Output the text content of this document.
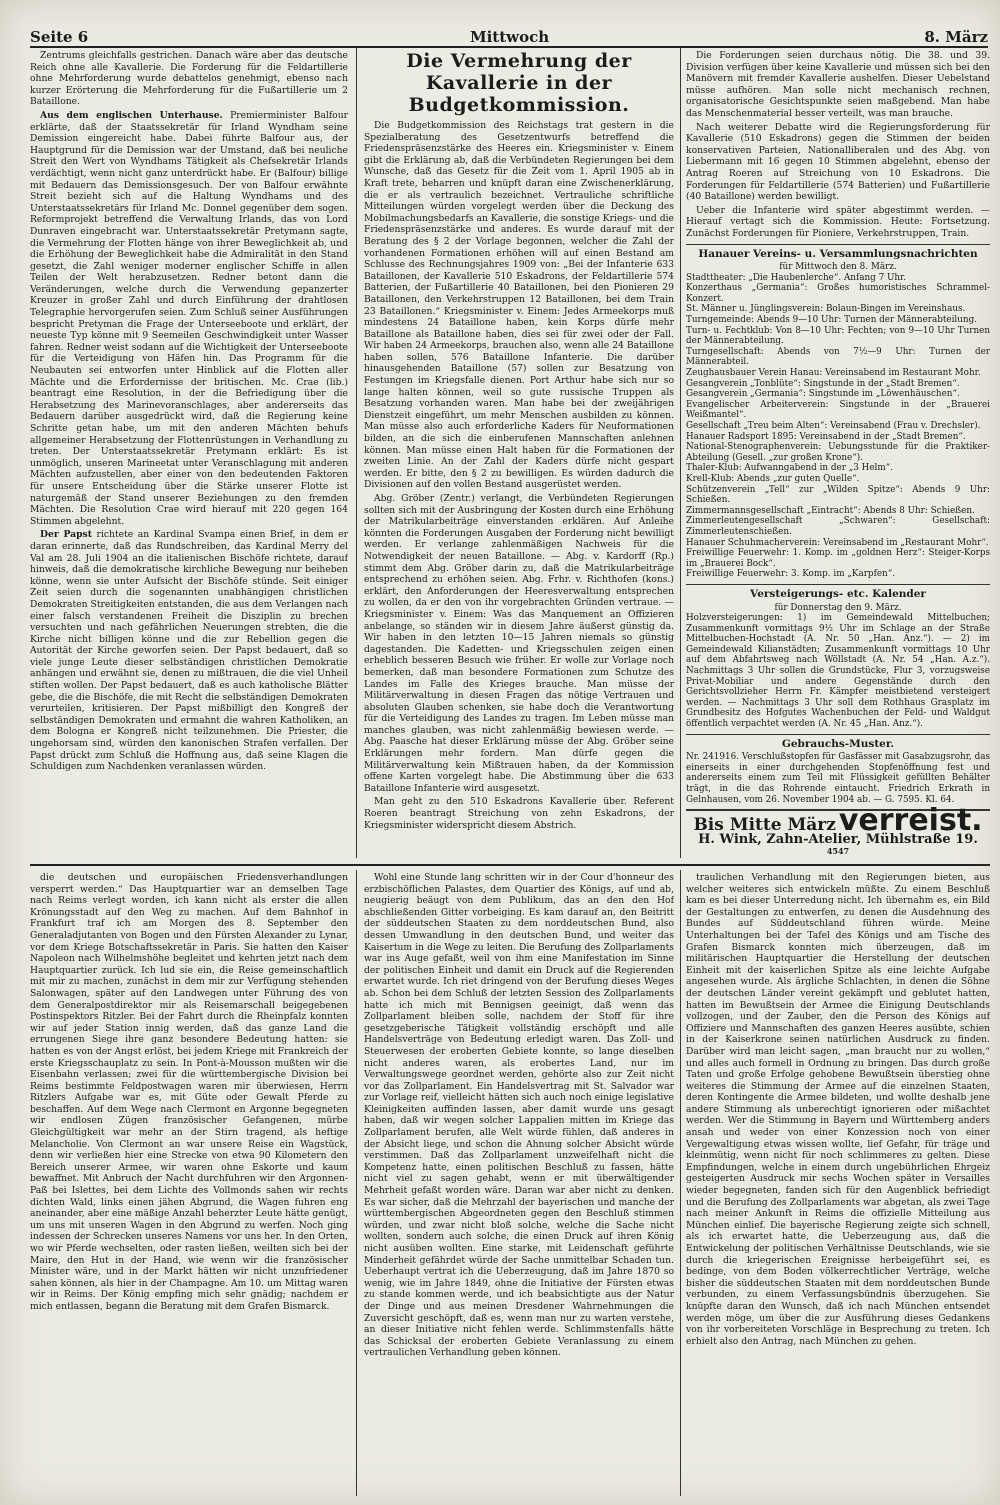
Seite 6	Mittwoch	8. März

Zentrums gleichfalls gestrichen. Danach wäre aber das deutsche Reich ohne alle Kavallerie. Die Forderung für die Feldartillerie ohne Mehrforderung wurde debattelos genehmigt, ebenso nach kurzer Erörterung die Mehrforderung für die Fußartillerie um 2 Bataillone.

Aus dem englischen Unterhause. Premierminister Balfour erklärte, daß der Staatssekretär für Irland Wyndham seine Demission eingereicht habe. Dabei führte Balfour aus, der Hauptgrund für die Demission war der Umstand, daß bei neuliche Streit den Wert von Wyndhams Tätigkeit als Chefsekretär Irlands verdächtigt, wenn nicht ganz unterdrückt habe. Er (Balfour) billige mit Bedauern das Demissionsgesuch. Der von Balfour erwähnte Streit bezieht sich auf die Haltung Wyndhams und des Unterstaatssekretärs für Irland Mc. Donnel gegenüber dem sogen. Reformprojekt betreffend die Verwaltung Irlands, das von Lord Dunraven eingebracht war. Unterstaatssekretär Pretymann sagte, die Vermehrung der Flotten hänge von ihrer Beweglichkeit ab, und die Erhöhung der Beweglichkeit habe die Admiralität in den Stand gesetzt, die Zahl weniger moderner englischer Schiffe in allen Teilen der Welt herabzusetzen. Redner betont dann die Veränderungen, welche durch die Verwendung gepanzerter Kreuzer in großer Zahl und durch Einführung der drahtlosen Telegraphie hervorgerufen seien. Zum Schluß seiner Ausführungen bespricht Pretyman die Frage der Unterseeboote und erklärt, der neueste Typ könne mit 9 Seemeilen Geschwindigkeit unter Wasser fahren. Redner weist sodann auf die Wichtigkeit der Unterseeboote für die Verteidigung von Häfen hin. Das Programm für die Neubauten sei entworfen unter Hinblick auf die Flotten aller Mächte und die Erfordernisse der britischen. Mc. Crae (lib.) beantragt eine Resolution, in der die Befriedigung über die Herabsetzung des Marinevoranschlages, aber andererseits das Bedauern darüber ausgedrückt wird, daß die Regierung keine Schritte getan habe, um mit den anderen Mächten behufs allgemeiner Herabsetzung der Flottenrüstungen in Verhandlung zu treten. Der Unterstaatssekretär Pretymann erklärt: Es ist unmöglich, unseren Marineetat unter Veranschlagung mit anderen Mächten aufzustellen, aber einer von den bedeutenden Faktoren für unsere Entscheidung über die Stärke unserer Flotte ist naturgemäß der Stand unserer Beziehungen zu den fremden Mächten. Die Resolution Crae wird hierauf mit 220 gegen 164 Stimmen abgelehnt.

Der Papst richtete an Kardinal Svampa einen Brief, in dem er daran erinnerte, daß das Rundschreiben, das Kardinal Merry del Val am 28. Juli 1904 an die italienischen Bischöfe richtete, darauf hinweis, daß die demokratische kirchliche Bewegung nur beiheben könne, wenn sie unter Aufsicht der Bischöfe stünde. Seit einiger Zeit seien durch die sogenannten unabhängigen christlichen Demokraten Streitigkeiten entstanden, die aus dem Verlangen nach einer falsch verstandenen Freiheit die Disziplin zu brechen versuchten und nach gefährlichen Neuerungen strebten, die die Kirche nicht billigen könne und die zur Rebellion gegen die Autorität der Kirche geworfen seien. Der Papst bedauert, daß so viele junge Leute dieser selbständigen christlichen Demokratie anhängen und erwähnt sie, denen zu mißtrauen, die die viel Unheil stiften wollen. Der Papst bedauert, daß es auch katholische Blätter gebe, die die Bischöfe, die mit Recht die selbständigen Demokraten verurteilen, kritisieren. Der Papst mißbilligt den Kongreß der selbständigen Demokraten und ermahnt die wahren Katholiken, an dem Bologna er Kongreß nicht teilzunehmen. Die Priester, die ungehorsam sind, würden den kanonischen Strafen verfallen. Der Papst drückt zum Schluß die Hoffnung aus, daß seine Klagen die Schuldigen zum Nachdenken veranlassen würden.

Die Vermehrung der Kavallerie in der Budgetkommission.

Die Budgetkommission des Reichstags trat gestern in die Spezialberatung des Gesetzentwurfs betreffend die Friedenspräsenzstärke des Heeres ein. Kriegsminister v. Einem gibt die Erklärung ab, daß die Verbündeten Regierungen bei dem Wunsche, daß das Gesetz für die Zeit vom 1. April 1905 ab in Kraft trete, beharren und knüpft daran eine Zwischenerklärung, die er als vertraulich bezeichnet. Vertrauliche schriftliche Mitteilungen würden vorgelegt werden über die Deckung des Mobilmachungsbedarfs an Kavallerie, die sonstige Kriegs- und die Friedenspräsenzstärke und anderes. Es wurde darauf mit der Beratung des § 2 der Vorlage begonnen, welcher die Zahl der vorhandenen Formationen erhöhen will auf einen Bestand am Schlusse des Rechnungsjahres 1909 von: „Bei der Infanterie 633 Bataillonen, der Kavallerie 510 Eskadrons, der Feldartillerie 574 Batterien, der Fußartillerie 40 Bataillonen, bei den Pionieren 29 Bataillonen, den Verkehrstruppen 12 Bataillonen, bei dem Train 23 Bataillonen.“ Kriegsminister v. Einem: Jedes Armeekorps muß mindestens 24 Bataillone haben, kein Korps dürfe mehr Bataillone als Bataillone haben, dies sei für zwei oder der Fall. Wir haben 24 Armeekorps, brauchen also, wenn alle 24 Bataillone haben sollen, 576 Bataillone Infanterie. Die darüber hinausgehenden Bataillone (57) sollen zur Besatzung von Festungen im Kriegsfalle dienen. Port Arthur habe sich nur so lange halten können, weil so gute russische Truppen als Besatzung vorhanden waren. Man habe bei der zweijährigen Dienstzeit eingeführt, um mehr Menschen ausbilden zu können. Man müsse also auch erforderliche Kaders für Neuformationen bilden, an die sich die einberufenen Mannschaften anlehnen können. Man müsse einen Halt haben für die Formationen der zweiten Linie. An der Zahl der Kaders dürfe nicht gespart werden. Er bitte, den § 2 zu bewilligen. Es würden dadurch die Divisionen auf den vollen Bestand ausgerüstet werden.

Abg. Gröber (Zentr.) verlangt, die Verbündeten Regierungen sollten sich mit der Ausbringung der Kosten durch eine Erhöhung der Matrikularbeiträge einverstanden erklären. Auf Anleihe könnten die Forderungen Ausgaben der Forderung nicht bewilligt werden. Er verlange zahlenmäßigen Nachweis für die Notwendigkeit der neuen Bataillone. — Abg. v. Kardorff (Rp.) stimmt dem Abg. Gröber darin zu, daß die Matrikularbeiträge entsprechend zu erhöhen seien. Abg. Frhr. v. Richthofen (kons.) erklärt, den Anforderungen der Heeresverwaltung entsprechen zu wollen, da er den von ihr vorgebrachten Gründen vertraue. — Kriegsminister v. Einem: Was das Manquement an Offizieren anbelange, so ständen wir in diesem Jahre äußerst günstig da. Wir haben in den letzten 10—15 Jahren niemals so günstig dagestanden. Die Kadetten- und Kriegsschulen zeigen einen erheblich besseren Besuch wie früher. Er wolle zur Vorlage noch bemerken, daß man besondere Formationen zum Schutze des Landes im Falle des Krieges brauche. Man müsse der Militärverwaltung in diesen Fragen das nötige Vertrauen und absoluten Glauben schenken, sie habe doch die Verantwortung für die Verteidigung des Landes zu tragen. Im Leben müsse man manches glauben, was nicht zahlenmäßig bewiesen werde. — Abg. Paasche hat dieser Erklärung müsse der Abg. Gröber seine Erklärungen mehr fordern. Man dürfe gegen die Militärverwaltung kein Mißtrauen haben, da der Kommission offene Karten vorgelegt habe. Die Abstimmung über die 633 Bataillone Infanterie wird ausgesetzt.

Man geht zu den 510 Eskadrons Kavallerie über. Referent Roeren beantragt Streichung von zehn Eskadrons, der Kriegsminister widerspricht diesem Abstrich.

Die Forderungen seien durchaus nötig. Die 38. und 39. Division verfügen über keine Kavallerie und müssen sich bei den Manövern mit fremder Kavallerie aushelfen. Dieser Uebelstand müsse aufhören. Man solle nicht mechanisch rechnen, organisatorische Gesichtspunkte seien maßgebend. Man habe das Menschenmaterial besser verteilt, was man brauche.

Nach weiterer Debatte wird die Regierungsforderung für Kavallerie (510 Eskadrons) gegen die Stimmen der beiden konservativen Parteien, Nationalliberalen und des Abg. von Liebermann mit 16 gegen 10 Stimmen abgelehnt, ebenso der Antrag Roeren auf Streichung von 10 Eskadrons. Die Forderungen für Feldartillerie (574 Batterien) und Fußartillerie (40 Bataillone) werden bewilligt.

Ueber die Infanterie wird später abgestimmt werden. — Hierauf vertagt sich die Kommission. Heute: Fortsetzung. Zunächst Forderungen für Pioniere, Verkehrstruppen, Train.

Hanauer Vereins- u. Versammlungsnachrichten
für Mittwoch den 8. März.
Stadttheater: „Die Haubenlerche“. Anfang 7 Uhr.
Konzerthaus „Germania“: Großes humoristisches Schrammel-Konzert.
St. Männer u. Jünglingsverein: Bolaun-Bingen im Vereinshaus.
Turngemeinde: Abends 9—10 Uhr: Turnen der Männerabteilung.
Turn- u. Fechtklub: Von 8—10 Uhr: Fechten; von 9—10 Uhr Turnen der Männerabteilung.
Turngesellschaft: Abends von 7½—9 Uhr: Turnen der Männerabteil.
Zeughausbauer Verein Hanau: Vereinsabend im Restaurant Mohr.
Gesangverein „Tonblüte“: Singstunde in der „Stadt Bremen“.
Gesangverein „Germania“: Singstunde im „Löwenhäuschen“.
Evangelischer Arbeiterverein: Singstunde in der „Brauerei Weißmantel“.
Gesellschaft „Treu beim Alten“: Vereinsabend (Frau v. Drechsler).
Hanauer Radsport 1895: Vereinsabend in der „Stadt Bremen“.
National-Stenographenverein: Uebungsstunde für die Praktiker-Abteilung (Gesell. „zur großen Krone“).
Thaler-Klub: Aufwanngabend in der „3 Helm“.
Krell-Klub: Abends „zur guten Quelle“.
Schützenverein „Tell“ zur „Wilden Spitze“: Abends 9 Uhr: Schießen.
Zimmermannsgesellschaft „Eintracht“: Abends 8 Uhr: Schießen.
Zimmerleutengesellschaft „Schwaren“: Gesellschaft: Zimmerleutenschießen.
Hanauer Schuhmacherverein: Vereinsabend im „Restaurant Mohr“.
Freiwillige Feuerwehr: 1. Komp. im „goldnen Herz“: Steiger-Korps im „Brauerei Bock“.
Freiwillige Feuerwehr: 3. Komp. im „Karpfen“.
Versteigerungs- etc. Kalender
für Donnerstag den 9. März.
Holzversteigerungen: 1) im Gemeindewald Mittelbuchen; Zusammenkunft vormittags 9½ Uhr im Schlage an der Straße Mittelbuchen-Hochstadt (A. Nr. 50 „Han. Anz.“). — 2) im Gemeindewald Kilianstädten; Zusammenkunft vormittags 10 Uhr auf dem Abfahrtsweg nach Wöllstadt (A. Nr. 54 „Han. A.z.“). Nachmittags 3 Uhr sollen die Grundstücke, Flur 3, vorzugsweise Privat-Mobiliar und andere Gegenstände durch den Gerichtsvollzieher Herrn Fr. Kämpfer meistbietend versteigert werden. — Nachmittags 3 Uhr soll dem Rothhaus Grasplatz im Grundbesitz des Hofgutes Wachenbuchen der Feld- und Waldgut öffentlich verpachtet werden (A. Nr. 45 „Han. Anz.“).
Gebrauchs-Muster.
Nr. 241916. Verschlußstopfen für Gasfässer mit Gasabzugsrohr, das einerseits in einer durchgehenden Stopfenöffnung fest und andererseits einem zum Teil mit Flüssigkeit gefüllten Behälter trägt, in die das Rohrende eintaucht. Friedrich Erkrath in Gelnhausen, vom 26. November 1904 ab. — G. 7595. Kl. 64.
Bis Mitte März verreist.
H. Wink, Zahn-Atelier, Mühlstraße 19. 4547

die deutschen und europäischen Friedensverhandlungen versperrt werden.“ Das Hauptquartier war an demselben Tage nach Reims verlegt worden, ich kann nicht als erster die allen Krönungsstadt auf den Weg zu machen. Auf dem Bahnhof in Frankfurt traf ich am Morgen des 8. September den Generaladjutanten von Bogen und den Fürsten Alexander zu Lynar, vor dem Kriege Botschaftssekretär in Paris. Sie hatten den Kaiser Napoleon nach Wilhelmshöhe begleitet und kehrten jetzt nach dem Hauptquartier zurück. Ich lud sie ein, die Reise gemeinschaftlich mit mir zu machen, zunächst in dem mir zur Verfügung stehenden Salonwagen, später auf den Landwegen unter Führung des von dem Generalpostdirektor mir als Reisemarschall beigegebenen Postinspektors Ritzler. Bei der Fahrt durch die Rheinpfalz konnten wir auf jeder Station innig werden, daß das ganze Land die errungenen Siege ihre ganz besondere Bedeutung hatten: sie hatten es von der Angst erlöst, bei jedem Kriege mit Frankreich der erste Kriegsschauplatz zu sein. In Pont-à-Mousson mußten wir die Eisenbahn verlassen; zwei für die württembergische Division bei Reims bestimmte Feldpostwagen waren mir überwiesen, Herrn Ritzlers Aufgabe war es, mit Güte oder Gewalt Pferde zu beschaffen. Auf dem Wege nach Clermont en Argonne begegneten wir endlosen Zügen französischer Gefangenen, mürbe Gleichgültigkeit war mehr an der Stirn tragend, als heftige Melancholie. Von Clermont an war unsere Reise ein Wagstück, denn wir verließen hier eine Strecke von etwa 90 Kilometern den Bereich unserer Armee, wir waren ohne Eskorte und kaum bewaffnet. Mit Anbruch der Nacht durchfuhren wir den Argonnen-Paß bei Islettes, bei dem Lichte des Vollmonds sahen wir rechts dichten Wald, links einen jähen Abgrund, die Wagen fuhren eng aneinander, aber eine mäßige Anzahl beherzter Leute hätte genügt, um uns mit unseren Wagen in den Abgrund zu werfen. Noch ging indessen der Schrecken unseres Namens vor uns her. In den Orten, wo wir Pferde wechselten, oder rasten ließen, weilten sich bei der Maire, den Hut in der Hand, wie wenn wir die französischer Minister wäre, und in der Markt hätten wir nicht unzufriedener sahen können, als hier in der Champagne. Am 10. um Mittag waren wir in Reims. Der König empfing mich sehr gnädig; nachdem er mich entlassen, begann die Beratung mit dem Grafen Bismarck.

Wohl eine Stunde lang schritten wir in der Cour d'honneur des erzbischöflichen Palastes, dem Quartier des Königs, auf und ab, neugierig beäugt von dem Publikum, das an den den Hof abschließenden Gitter vorbeiging. Es kam darauf an, den Beitritt der süddeutschen Staaten zu dem norddeutschen Bund, also dessen Umwandlung in den deutschen Bund, und weiter das Kaisertum in die Wege zu leiten. Die Berufung des Zollparlaments war ins Auge gefaßt, weil von ihm eine Manifestation im Sinne der politischen Einheit und damit ein Druck auf die Regierenden erwartet wurde. Ich riet dringend von der Berufung dieses Weges ab. Schon bei dem Schluß der letzten Session des Zollparlaments hatte ich mich mit Bennigsen geeinigt, daß wenn das Zollparlament bleiben solle, nachdem der Stoff für ihre gesetzgeberische Tätigkeit vollständig erschöpft und alle Handelsverträge von Bedeutung erledigt waren. Das Zoll- und Steuerwesen der eroberten Gebiete konnte, so lange dieselben nicht anderes waren, als erobertes Land, nur im Verwaltungswege geordnet werden, gehörte also zur Zeit nicht vor das Zollparlament. Ein Handelsvertrag mit St. Salvador war zur Vorlage reif, vielleicht hätten sich auch noch einige legislative Kleinigkeiten auffinden lassen, aber damit wurde uns gesagt haben, daß wir wegen solcher Lappalien mitten im Kriege das Zollparlament berufen, alle Welt würde fühlen, daß anderes in der Absicht liege, und schon die Ahnung solcher Absicht würde verstimmen. Daß das Zollparlament unzweifelhaft nicht die Kompetenz hatte, einen politischen Beschluß zu fassen, hätte nicht viel zu sagen gehabt, wenn er mit überwältigender Mehrheit gefaßt worden wäre. Daran war aber nicht zu denken. Es war sicher, daß die Mehrzahl der bayerischen und manche der württembergischen Abgeordneten gegen den Beschluß stimmen würden, und zwar nicht bloß solche, welche die Sache nicht wollten, sondern auch solche, die einen Druck auf ihren König nicht ausüben wollten. Eine starke, mit Leidenschaft geführte Minderheit gefährdet würde der Sache unmittelbar Schaden tun. Ueberhaupt vertrat ich die Ueberzeugung, daß im Jahre 1870 so wenig, wie im Jahre 1849, ohne die Initiative der Fürsten etwas zu stande kommen werde, und ich beabsichtigte aus der Natur der Dinge und aus meinen Dresdener Wahrnehmungen die Zuversicht geschöpft, daß es, wenn man nur zu warten verstehe, an dieser Initiative nicht fehlen werde. Schlimmstenfalls hätte das Schicksal der eroberten Gebiete Veranlassung zu einem vertraulichen Verhandlung geben können.

traulichen Verhandlung mit den Regierungen bieten, aus welcher weiteres sich entwickeln müßte. Zu einem Beschluß kam es bei dieser Unterredung nicht. Ich übernahm es, ein Bild der Gestaltungen zu entwerfen, zu denen die Ausdehnung des Bundes auf Süddeutschland führen würde. Meine Unterhaltungen bei der Tafel des Königs und am Tische des Grafen Bismarck konnten mich überzeugen, daß im militärischen Hauptquartier die Herstellung der deutschen Einheit mit der kaiserlichen Spitze als eine leichte Aufgabe angesehen wurde. Als ärgliche Schlachten, in denen die Söhne der deutschen Länder vereint gekämpft und geblutet hatten, hatten im Bewußtsein der Armee die Einigung Deutschlands vollzogen, und der Zauber, den die Person des Königs auf Offiziere und Mannschaften des ganzen Heeres ausübte, schien in der Kaiserkrone seinen natürlichen Ausdruck zu finden. Darüber wird man leicht sagen, „man braucht nur zu wollen,“ und alles auch formell in Ordnung zu bringen. Das durch große Taten und große Erfolge gehobene Bewußtsein überstieg ohne weiteres die Stimmung der Armee auf die einzelnen Staaten, deren Kontingente die Armee bildeten, und wollte deshalb jene andere Stimmung als unberechtigt ignorieren oder mißachtet werden. Wer die Stimmung in Bayern und Württemberg anders ansah und weder von einer Konzession noch von einer Vergewaltigung etwas wissen wollte, lief Gefahr, für träge und kleinmütig, wenn nicht für noch schlimmeres zu gelten. Diese Empfindungen, welche in einem durch ungebührlichen Ehrgeiz gesteigerten Ausdruck mir sechs Wochen später in Versailles wieder begegneten, fanden sich für den Augenblick befriedigt und die Berufung des Zollparlaments war abgetan, als zwei Tage nach meiner Ankunft in Reims die offizielle Mitteilung aus München einlief. Die bayerische Regierung zeigte sich schnell, als ich erwartet hatte, die Ueberzeugung aus, daß die Entwickelung der politischen Verhältnisse Deutschlands, wie sie durch die kriegerischen Ereignisse herbeigeführt sei, es bedinge, von dem Boden völkerrechtlicher Verträge, welche bisher die süddeutschen Staaten mit dem norddeutschen Bunde verbunden, zu einem Verfassungsbündnis überzugehen. Sie knüpfte daran den Wunsch, daß ich nach München entsendet werden möge, um über die zur Ausführung dieses Gedankens von ihr vorbereiteten Vorschläge in Besprechung zu treten. Ich erhielt also den Antrag, nach München zu gehen.
